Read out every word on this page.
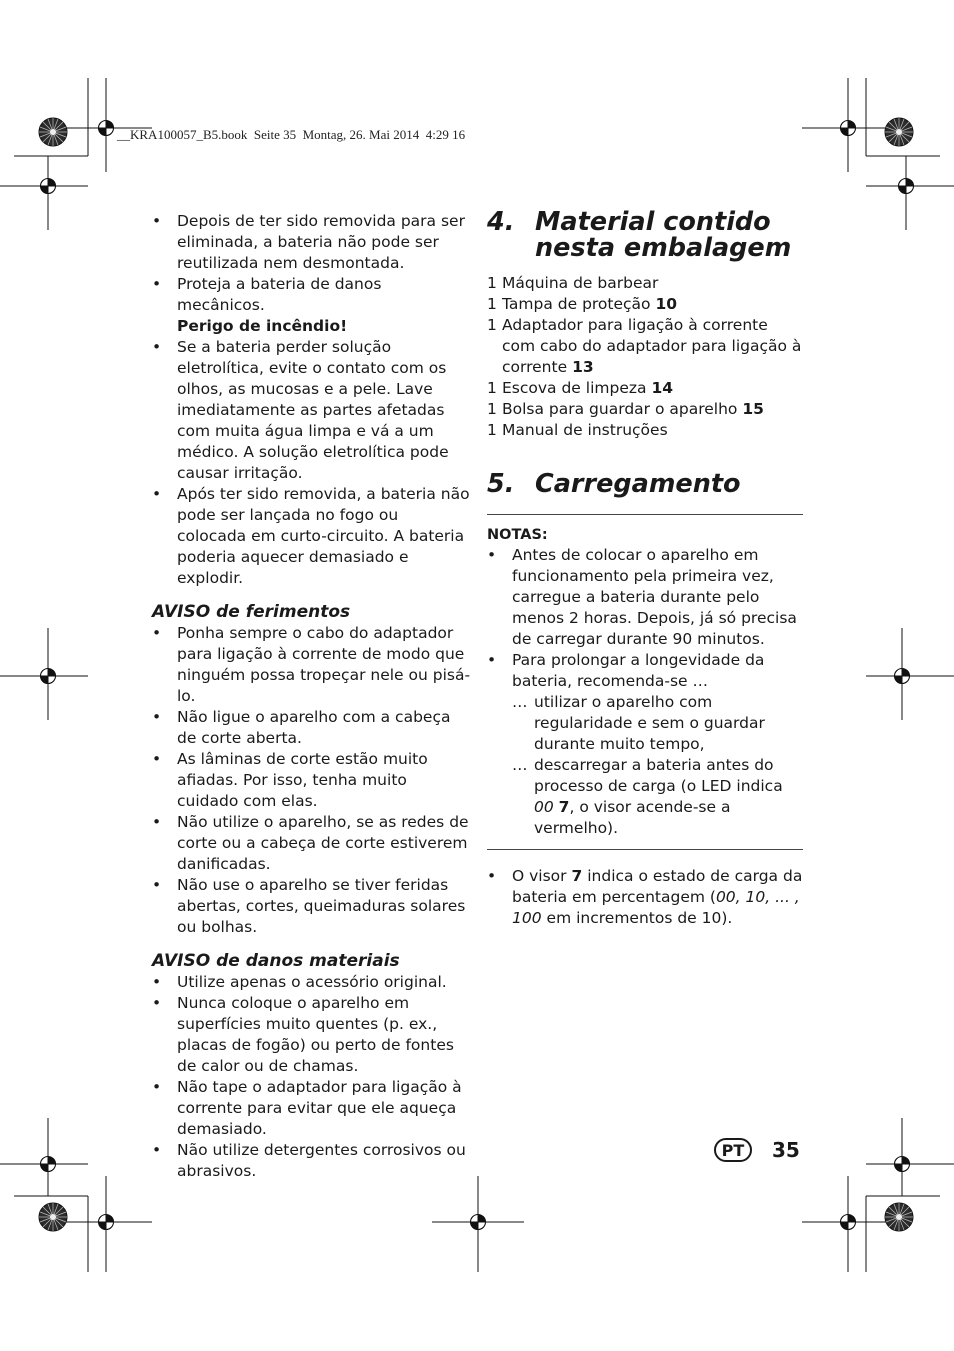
__KRA100057_B5.book  Seite 35  Montag, 26. Mai 2014  4:29 16
• Depois de ter sido removida para ser eliminada, a bateria não pode ser reutilizada nem desmontada.
• Proteja a bateria de danos mecânicos.
Perigo de incêndio!
• Se a bateria perder solução eletrolítica, evite o contato com os olhos, as mucosas e a pele. Lave imediatamente as partes afetadas com muita água limpa e vá a um médico. A solução eletrolítica pode causar irritação.
• Após ter sido removida, a bateria não pode ser lançada no fogo ou colocada em curto-circuito. A bateria poderia aquecer demasiado e explodir.
AVISO de ferimentos
• Ponha sempre o cabo do adaptador para ligação à corrente de modo que ninguém possa tropeçar nele ou pisá-lo.
• Não ligue o aparelho com a cabeça de corte aberta.
• As lâminas de corte estão muito afiadas. Por isso, tenha muito cuidado com elas.
• Não utilize o aparelho, se as redes de corte ou a cabeça de corte estiverem danificadas.
• Não use o aparelho se tiver feridas abertas, cortes, queimaduras solares ou bolhas.
AVISO de danos materiais
• Utilize apenas o acessório original.
• Nunca coloque o aparelho em superfícies muito quentes (p. ex., placas de fogão) ou perto de fontes de calor ou de chamas.
• Não tape o adaptador para ligação à corrente para evitar que ele aqueça demasiado.
• Não utilize detergentes corrosivos ou abrasivos.
4. Material contido nesta embalagem
1 Máquina de barbear
1 Tampa de proteção 10
1 Adaptador para ligação à corrente com cabo do adaptador para ligação à corrente 13
1 Escova de limpeza 14
1 Bolsa para guardar o aparelho 15
1 Manual de instruções
5. Carregamento
NOTAS:
• Antes de colocar o aparelho em funcionamento pela primeira vez, carregue a bateria durante pelo menos 2 horas. Depois, já só precisa de carregar durante 90 minutos.
• Para prolongar a longevidade da bateria, recomenda-se …
… utilizar o aparelho com regularidade e sem o guardar durante muito tempo,
… descarregar a bateria antes do processo de carga (o LED indica 00 7, o visor acende-se a vermelho).
• O visor 7 indica o estado de carga da bateria em percentagem (00, 10, ... , 100 em incrementos de 10).
PT	35
